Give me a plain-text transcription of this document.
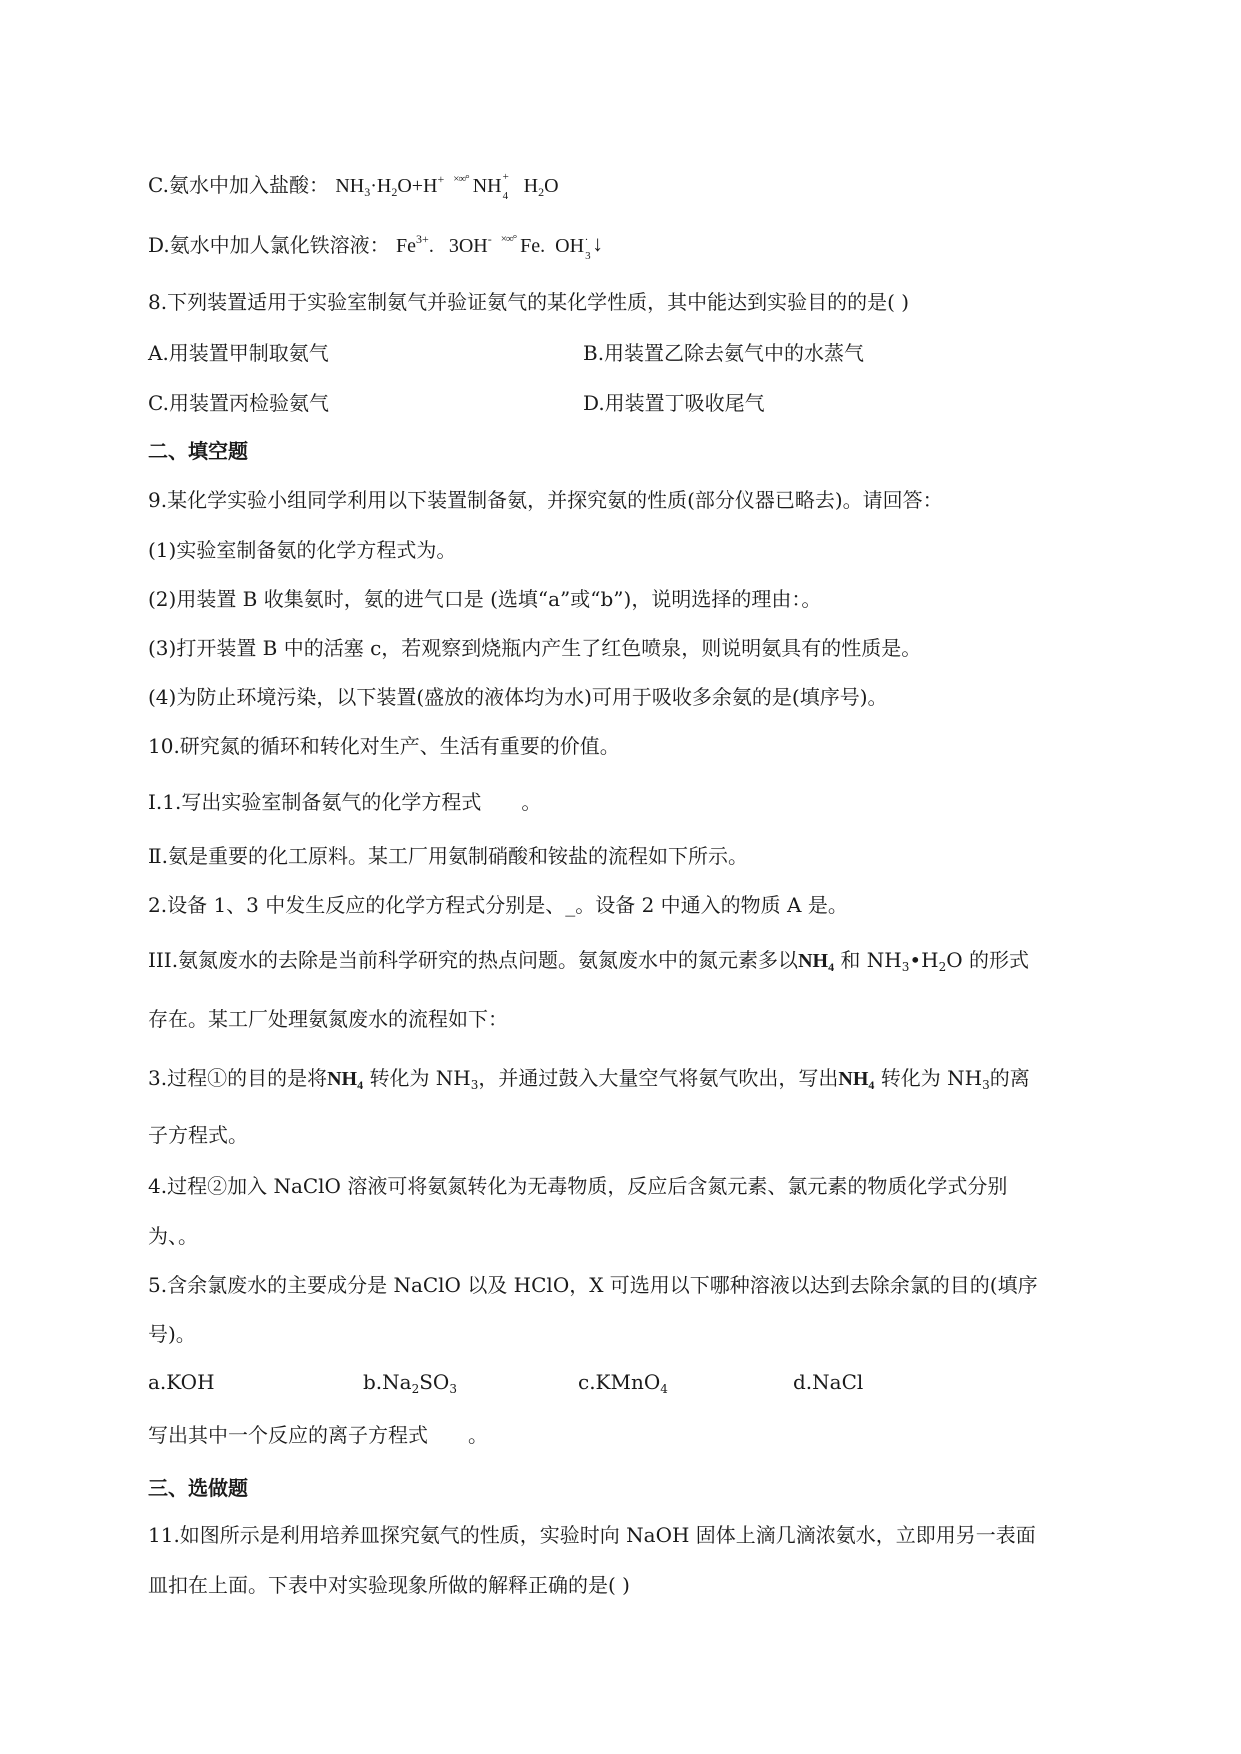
C.氨水中加入盐酸： $NH_3\cdot H_2O+H^+$ ×∞° NH +
4 $H_2O$
D.氨水中加人氯化铁溶液： $Fe^{3+}$. 3OH- ×∞° Fe. OH .
3
↓
8.下列装置适用于实验室制氨气并验证氨气的某化学性质，其中能达到实验目的的是( )
A.用装置甲制取氨气	B.用装置乙除去氨气中的水蒸气
C.用装置丙检验氨气	D.用装置丁吸收尾气
二、填空题
9.某化学实验小组同学利用以下装置制备氨，并探究氨的性质(部分仪器已略去)。请回答：
(1)实验室制备氨的化学方程式为。
(2)用装置 B 收集氨时，氨的进气口是 (选填“a”或“b”)，说明选择的理由：。
(3)打开装置 B 中的活塞 c，若观察到烧瓶内产生了红色喷泉，则说明氨具有的性质是。
(4)为防止环境污染，以下装置(盛放的液体均为水)可用于吸收多余氨的是(填序号)。
10.研究氮的循环和转化对生产、生活有重要的价值。
I.1.写出实验室制备氨气的化学方程式　　。
Ⅱ.氨是重要的化工原料。某工厂用氨制硝酸和铵盐的流程如下所示。
2.设备 1、3 中发生反应的化学方程式分别是、_。设备 2 中通入的物质 A 是。
III.氨氮废水的去除是当前科学研究的热点问题。氨氮废水中的氮元素多以$NH_4$ 和 $NH_3•H_2O$ 的形式
存在。某工厂处理氨氮废水的流程如下：
3.过程①的目的是将$NH_4$ 转化为 $NH_3$，并通过鼓入大量空气将氨气吹出，写出$NH_4$ 转化为 $NH_3$的离
子方程式。
4.过程②加入 NaClO 溶液可将氨氮转化为无毒物质，反应后含氮元素、氯元素的物质化学式分别
为、。
5.含余氯废水的主要成分是 NaClO 以及 HClO，X 可选用以下哪种溶液以达到去除余氯的目的(填序
号)。
a.KOH	$b.Na_2SO_3$	c.KMnO$_4$	d.NaCl
写出其中一个反应的离子方程式　　。
三、选做题
11.如图所示是利用培养皿探究氨气的性质，实验时向 NaOH 固体上滴几滴浓氨水，立即用另一表面
皿扣在上面。下表中对实验现象所做的解释正确的是( )
